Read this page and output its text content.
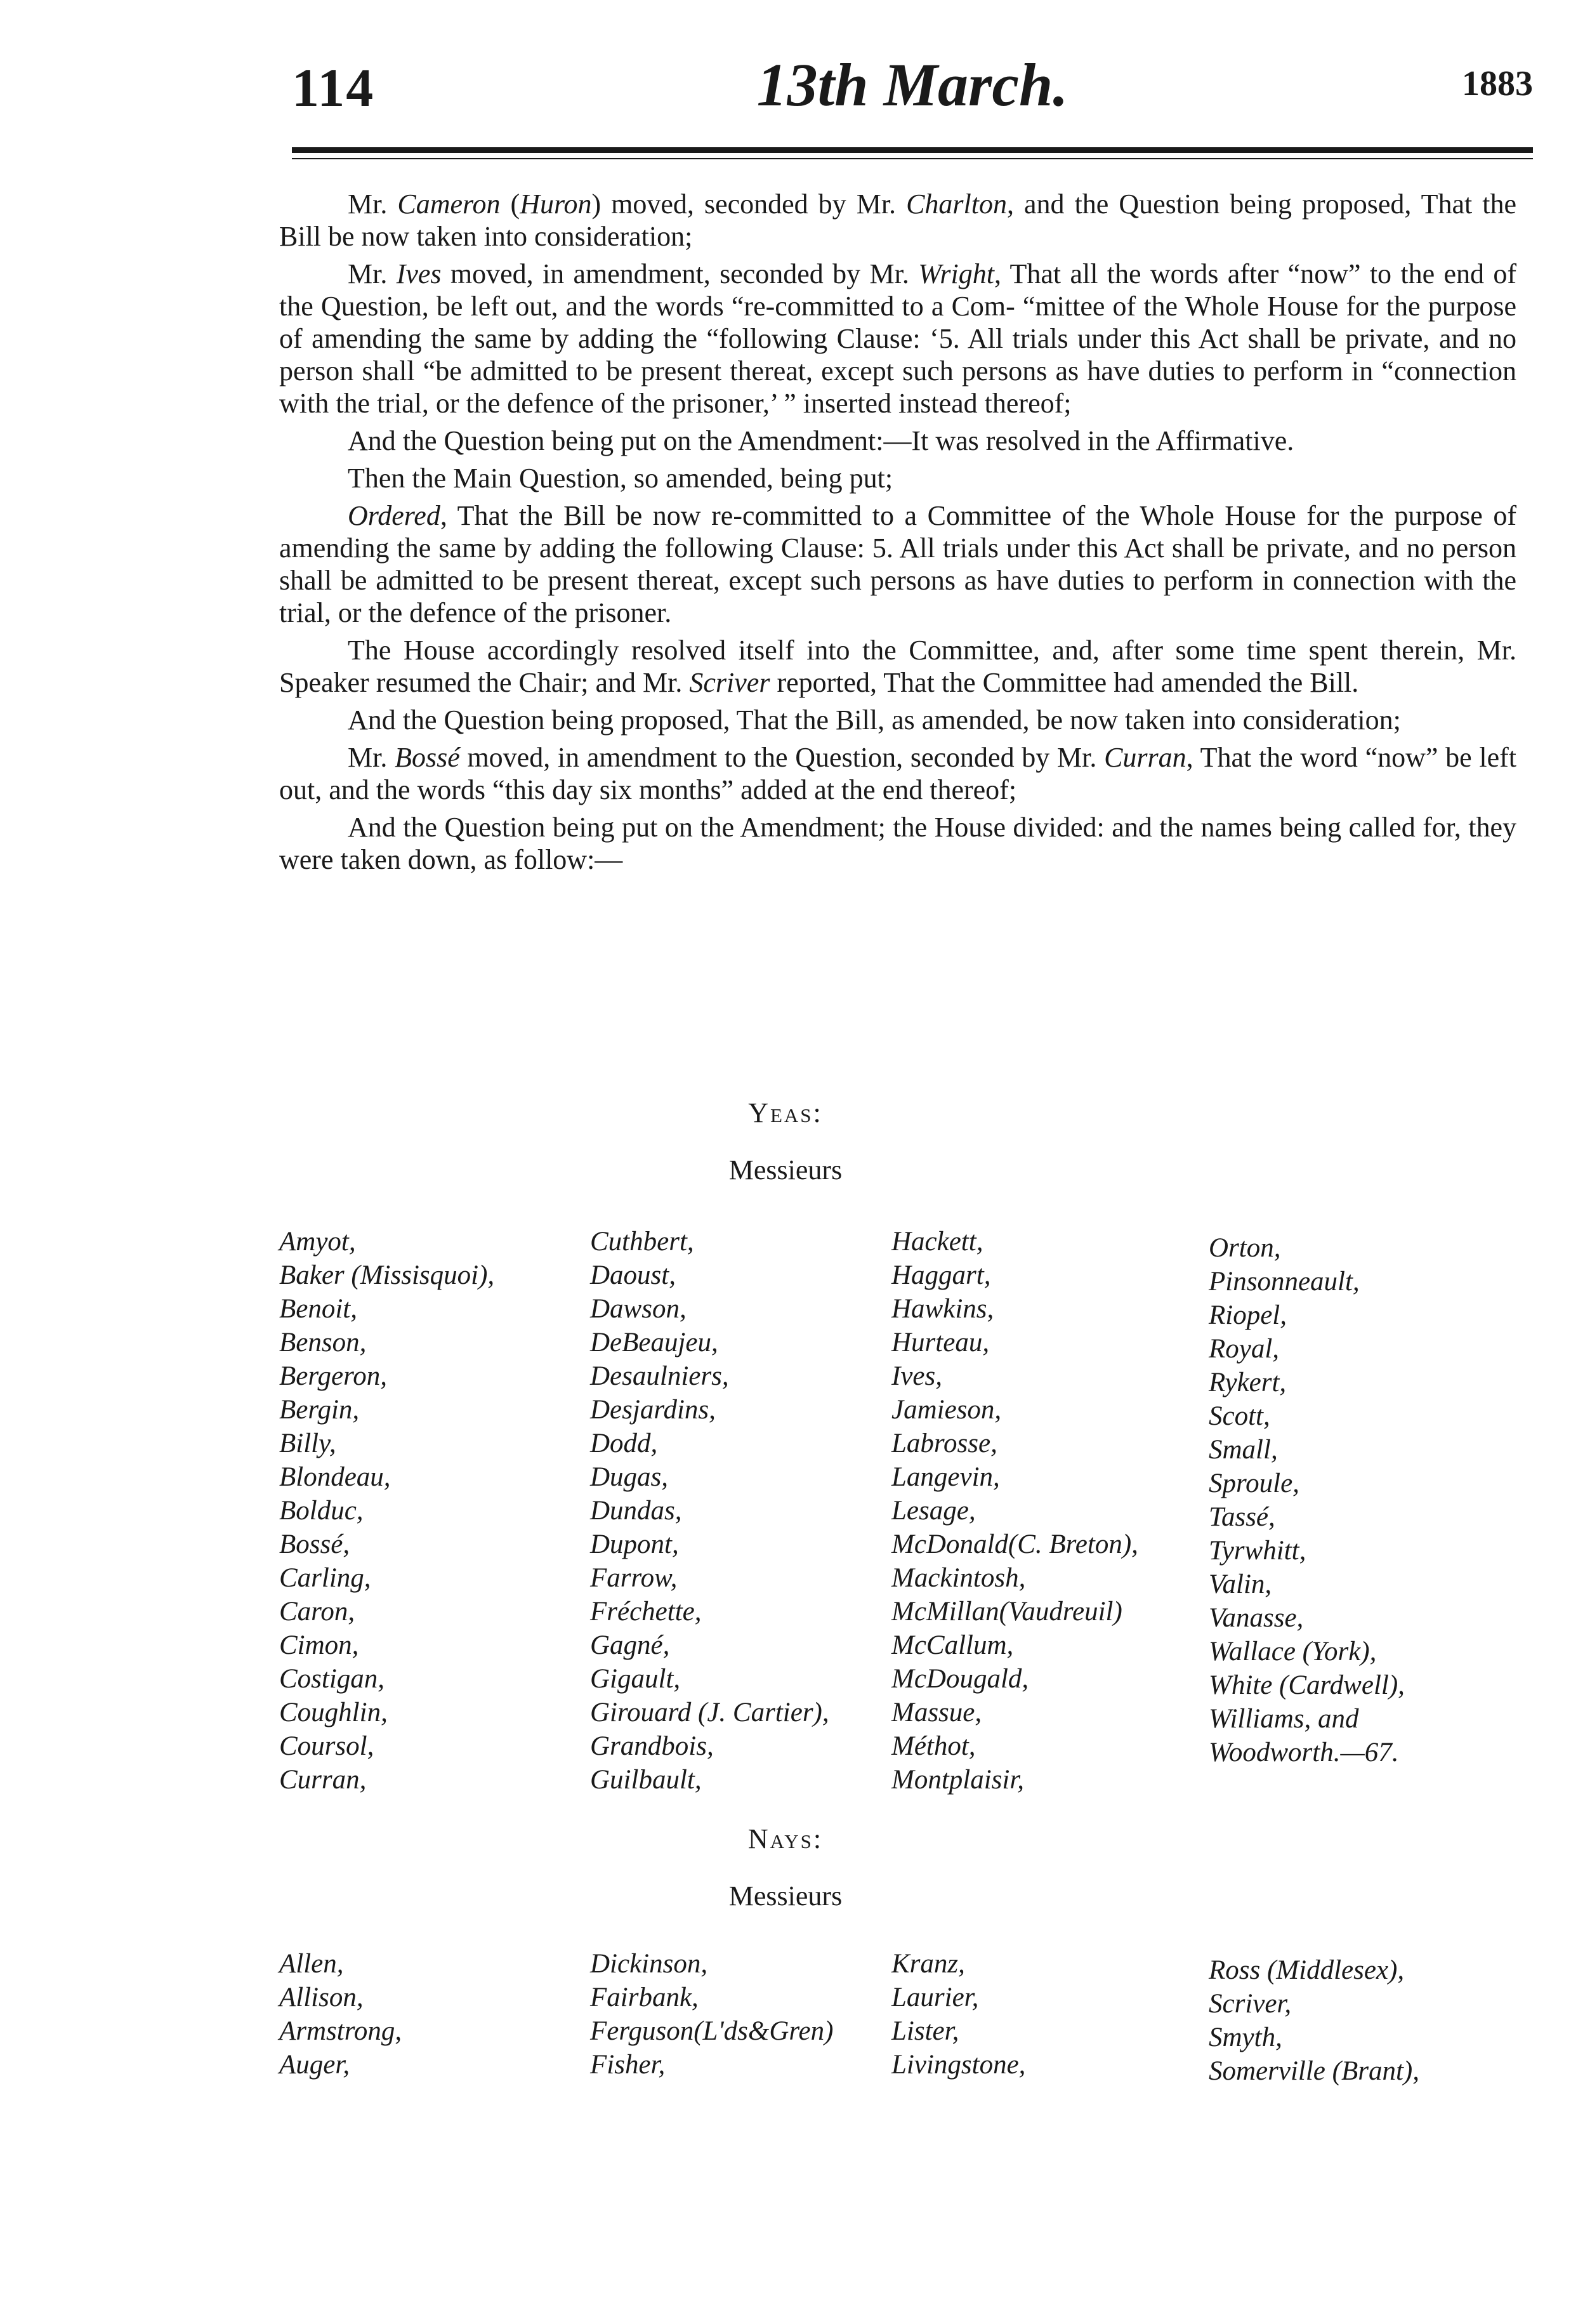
114	13th March.	1883

Mr. Cameron (Huron) moved, seconded by Mr. Charlton, and the Question being proposed, That the Bill be now taken into consideration;

Mr. Ives moved, in amendment, seconded by Mr. Wright, That all the words after “now” to the end of the Question, be left out, and the words “re-committed to a Com- “mittee of the Whole House for the purpose of amending the same by adding the “following Clause: ‘5. All trials under this Act shall be private, and no person shall “be admitted to be present thereat, except such persons as have duties to perform in “connection with the trial, or the defence of the prisoner,’ ” inserted instead thereof;

And the Question being put on the Amendment:—It was resolved in the Affirmative.

Then the Main Question, so amended, being put;

Ordered, That the Bill be now re-committed to a Committee of the Whole House for the purpose of amending the same by adding the following Clause: 5. All trials under this Act shall be private, and no person shall be admitted to be present thereat, except such persons as have duties to perform in connection with the trial, or the defence of the prisoner.

The House accordingly resolved itself into the Committee, and, after some time spent therein, Mr. Speaker resumed the Chair; and Mr. Scriver reported, That the Committee had amended the Bill.

And the Question being proposed, That the Bill, as amended, be now taken into consideration;

Mr. Bossé moved, in amendment to the Question, seconded by Mr. Curran, That the word “now” be left out, and the words “this day six months” added at the end thereof;

And the Question being put on the Amendment; the House divided: and the names being called for, they were taken down, as follow:—

Yeas:
Messieurs
Amyot,
Baker (Missisquoi),
Benoit,
Benson,
Bergeron,
Bergin,
Billy,
Blondeau,
Bolduc,
Bossé,
Carling,
Caron,
Cimon,
Costigan,
Coughlin,
Coursol,
Curran,
Cuthbert,
Daoust,
Dawson,
DeBeaujeu,
Desaulniers,
Desjardins,
Dodd,
Dugas,
Dundas,
Dupont,
Farrow,
Fréchette,
Gagné,
Gigault,
Girouard (J. Cartier),
Grandbois,
Guilbault,
Hackett,
Haggart,
Hawkins,
Hurteau,
Ives,
Jamieson,
Labrosse,
Langevin,
Lesage,
McDonald(C. Breton),
Mackintosh,
McMillan(Vaudreuil)
McCallum,
McDougald,
Massue,
Méthot,
Montplaisir,
Orton,
Pinsonneault,
Riopel,
Royal,
Rykert,
Scott,
Small,
Sproule,
Tassé,
Tyrwhitt,
Valin,
Vanasse,
Wallace (York),
White (Cardwell),
Williams, and
Woodworth.—67.
Nays:
Messieurs
Allen,
Allison,
Armstrong,
Auger,
Dickinson,
Fairbank,
Ferguson(L'ds&Gren)
Fisher,
Kranz,
Laurier,
Lister,
Livingstone,
Ross (Middlesex),
Scriver,
Smyth,
Somerville (Brant),
